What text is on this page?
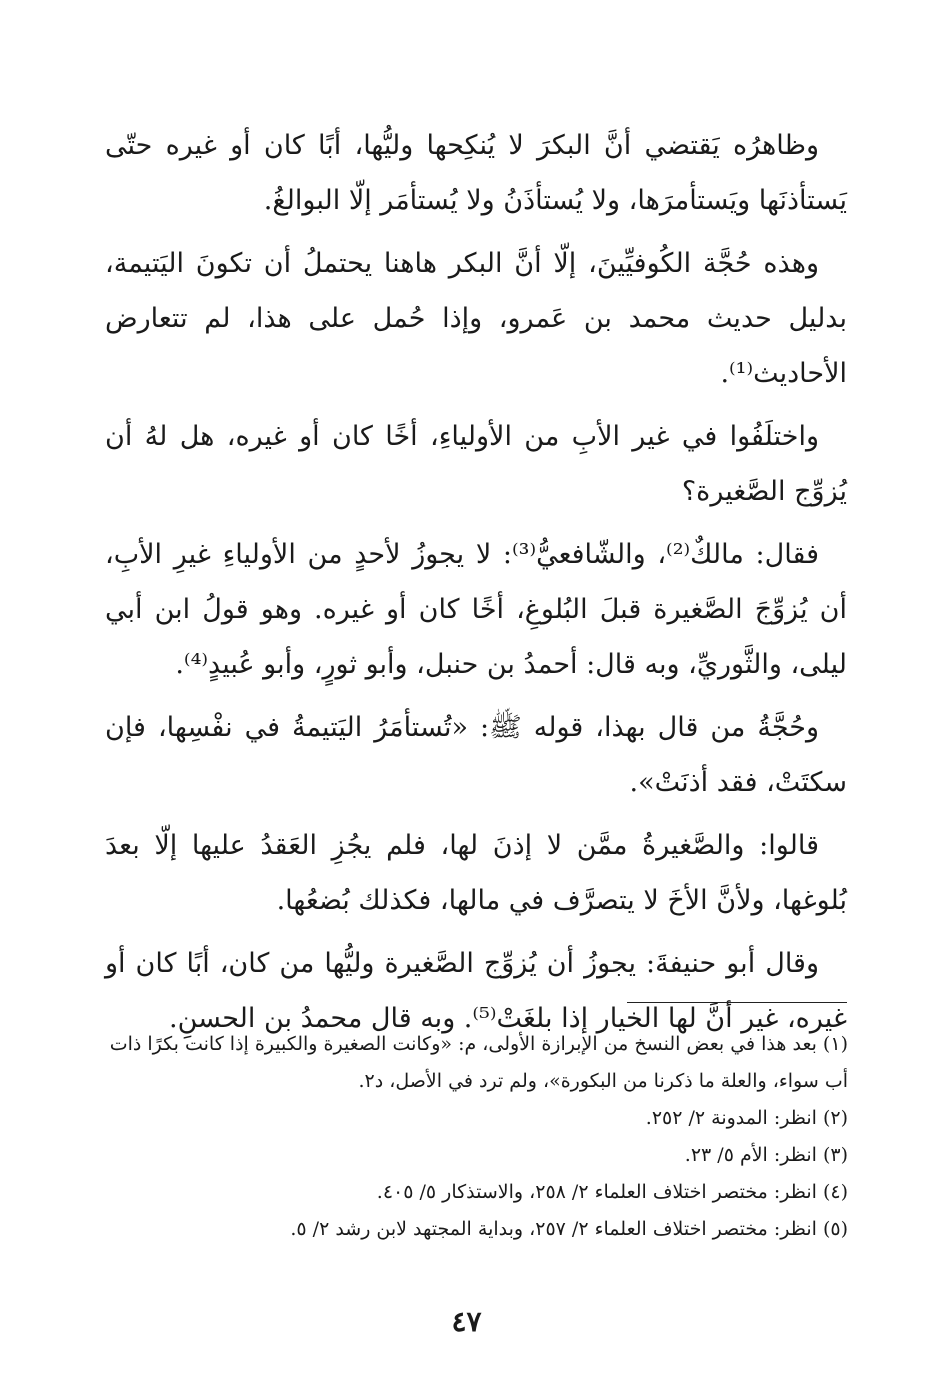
وظاهرُه يَقتضي أنَّ البكرَ لا يُنكِحها وليُّها، أبًا كان أو غيره حتّى يَستأذنَها ويَستأمرَها، ولا يُستأذَنُ ولا يُستأمَر إلّا البوالغُ.

وهذه حُجَّة الكُوفيِّينَ، إلّا أنَّ البكر هاهنا يحتملُ أن تكونَ اليَتيمة، بدليل حديث محمد بن عَمرو، وإذا حُمل على هذا، لم تتعارض الأحاديث⁽¹⁾.

واختلَفُوا في غير الأبِ من الأولياءِ، أخًا كان أو غيره، هل لهُ أن يُزوِّج الصَّغيرة؟

فقال: مالكٌ⁽²⁾، والشّافعيُّ⁽³⁾: لا يجوزُ لأحدٍ من الأولياءِ غيرِ الأبِ، أن يُزوِّجَ الصَّغيرة قبلَ البُلوغِ، أخًا كان أو غيره. وهو قولُ ابن أبي ليلى، والثَّوريِّ، وبه قال: أحمدُ بن حنبل، وأبو ثورٍ، وأبو عُبيدٍ⁽⁴⁾.

وحُجَّةُ من قال بهذا، قوله ﷺ: «تُستأمَرُ اليَتيمةُ في نفْسِها، فإن سكتَتْ، فقد أذنَتْ».

قالوا: والصَّغيرةُ ممَّن لا إذنَ لها، فلم يجُزِ العَقدُ عليها إلّا بعدَ بُلوغها، ولأنَّ الأخَ لا يتصرَّف في مالها، فكذلك بُضعُها.

وقال أبو حنيفةَ: يجوزُ أن يُزوِّج الصَّغيرة وليُّها من كان، أبًا كان أو غيره، غير أنَّ لها الخيار إذا بلغَتْ⁽⁵⁾. وبه قال محمدُ بن الحسنِ.

(١) بعد هذا في بعض النسخ من الإبرازة الأولى، م: «وكانت الصغيرة والكبيرة إذا كانت بكرًا ذات أب سواء، والعلة ما ذكرنا من البكورة»، ولم ترد في الأصل، د٢.

(٢) انظر: المدونة ٢/ ٢٥٢.

(٣) انظر: الأم ٥/ ٢٣.

(٤) انظر: مختصر اختلاف العلماء ٢/ ٢٥٨، والاستذكار ٥/ ٤٠٥.

(٥) انظر: مختصر اختلاف العلماء ٢/ ٢٥٧، وبداية المجتهد لابن رشد ٢/ ٥.

٤٧
